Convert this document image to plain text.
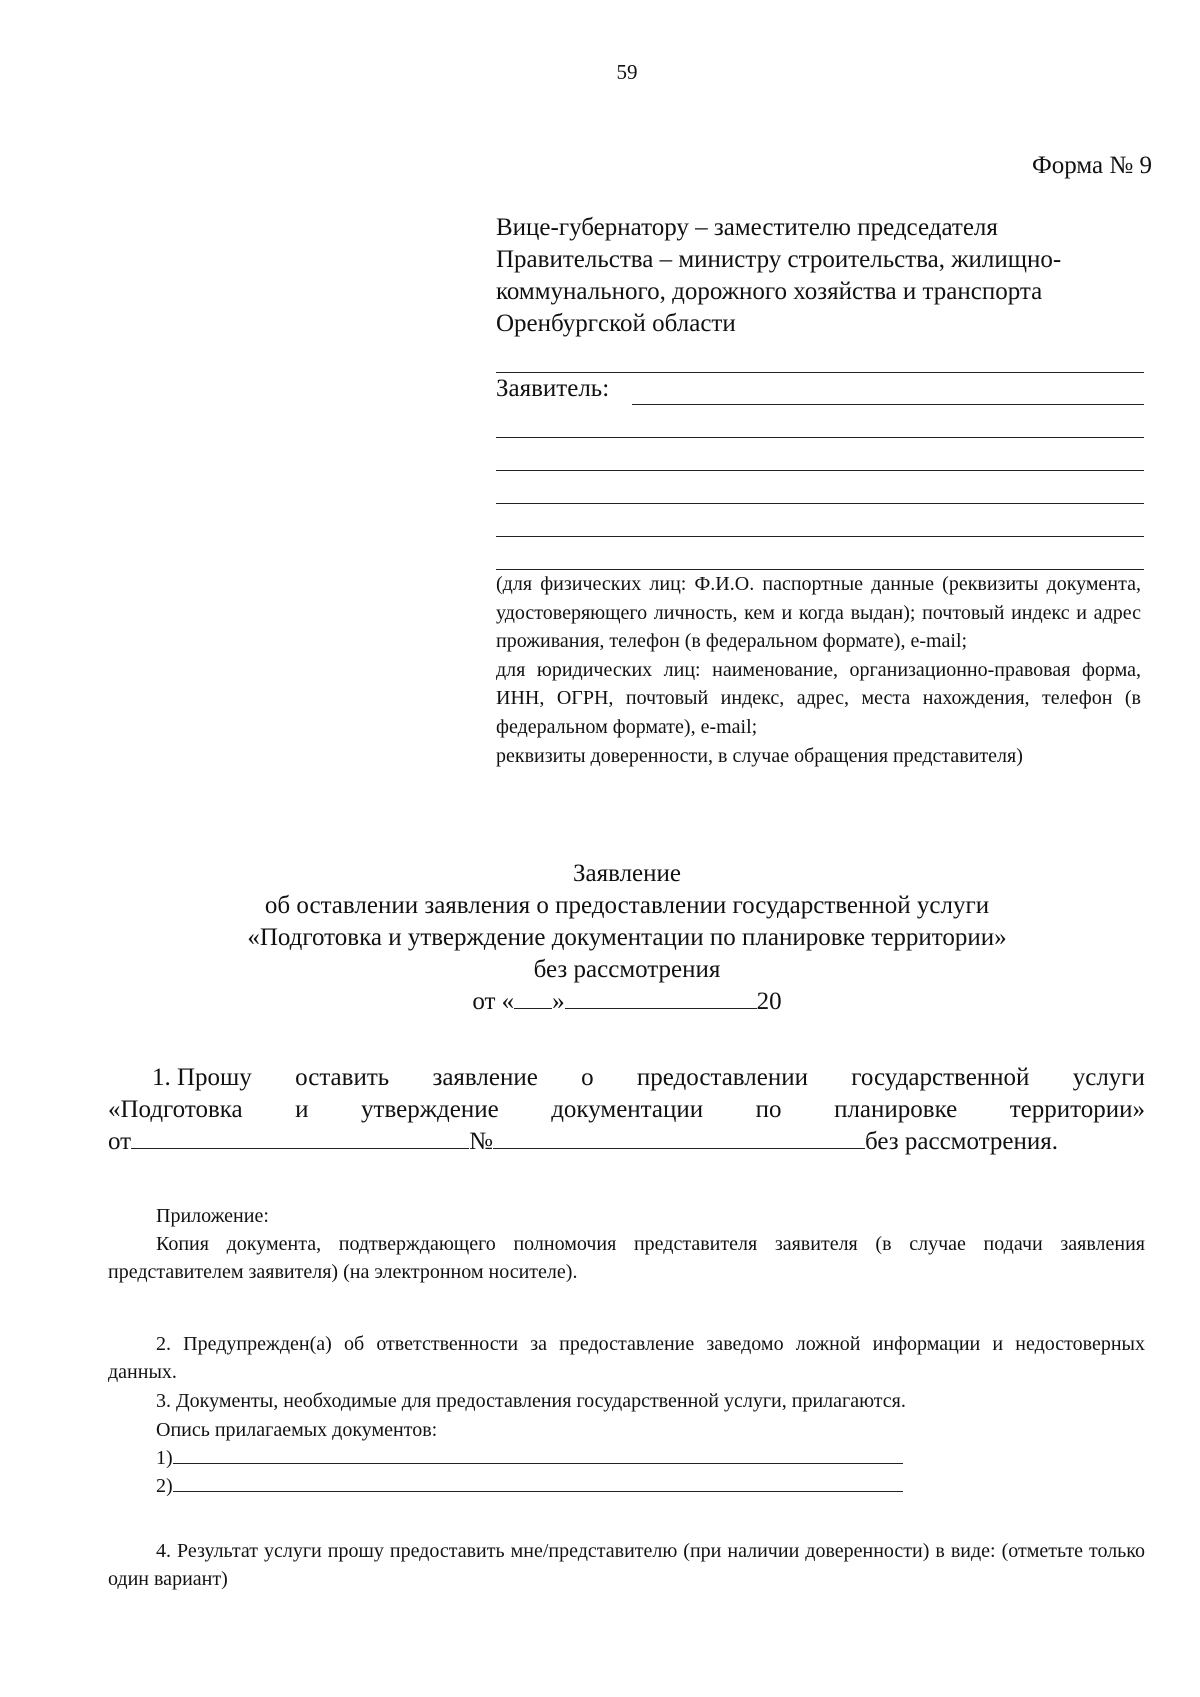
59
Форма № 9
Вице-губернатору – заместителю председателя
Правительства – министру строительства, жилищно-
коммунального, дорожного хозяйства и транспорта
Оренбургской области
Заявитель:

(для физических лиц: Ф.И.О. паспортные данные (реквизиты документа, удостоверяющего личность, кем и когда выдан); почтовый индекс и адрес проживания, телефон (в федеральном формате), e-mail;

для юридических лиц: наименование, организационно-правовая форма, ИНН, ОГРН, почтовый индекс, адрес, места нахождения, телефон (в федеральном формате), e-mail;

реквизиты доверенности, в случае обращения представителя)

Заявление
об оставлении заявления о предоставлении государственной услуги
«Подготовка и утверждение документации по планировке территории»
без рассмотрения
от « »	20
1. Прошу оставить заявление о предоставлении государственной услуги
«Подготовка и утверждение документации по планировке территории»
от	№	без рассмотрения.
Приложение:
Копия документа, подтверждающего полномочия представителя заявителя (в случае подачи заявления представителем заявителя) (на электронном носителе).
2. Предупрежден(а) об ответственности за предоставление заведомо ложной информации и недостоверных данных.
3. Документы, необходимые для предоставления государственной услуги, прилагаются.
Опись прилагаемых документов:
1)
2)
4. Результат услуги прошу предоставить мне/представителю (при наличии доверенности) в виде: (отметьте только один вариант)
